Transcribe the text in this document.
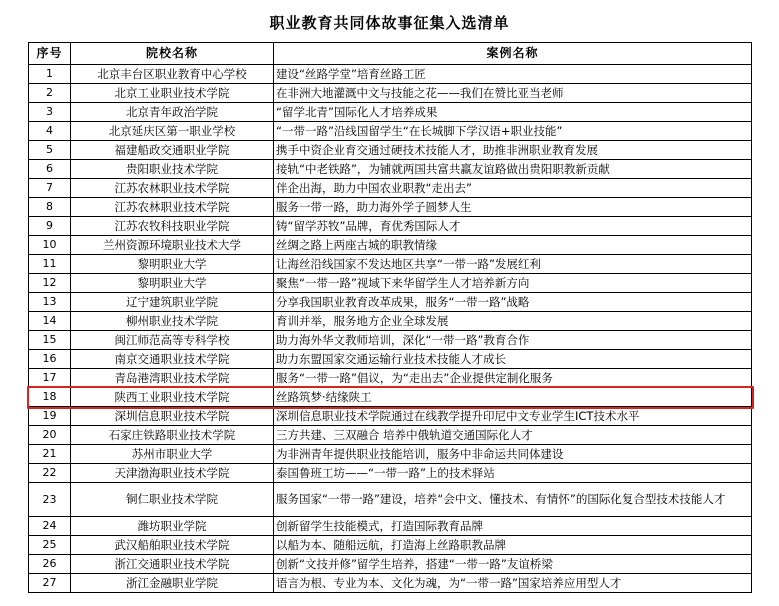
职业教育共同体故事征集入选清单
序号	院校名称	案例名称
1	北京丰台区职业教育中心学校	建设“丝路学堂”培育丝路工匠
2	北京工业职业技术学院	在非洲大地灌溉中文与技能之花——我们在赞比亚当老师
3	北京青年政治学院	“留学北青”国际化人才培养成果
4	北京延庆区第一职业学校	“一带一路”沿线国留学生“在长城脚下学汉语+职业技能”
5	福建船政交通职业学院	携手中资企业育交通过硬技术技能人才，助推非洲职业教育发展
6	贵阳职业技术学院	接轨“中老铁路”，为铺就两国共富共赢友谊路做出贵阳职教新贡献
7	江苏农林职业技术学院	伴企出海，助力中国农业职教“走出去”
8	江苏农林职业技术学院	服务一带一路，助力海外学子圆梦人生
9	江苏农牧科技职业学院	铸“留学苏牧”品牌，育优秀国际人才
10	兰州资源环境职业技术大学	丝绸之路上两座古城的职教情缘
11	黎明职业大学	让海丝沿线国家不发达地区共享“一带一路”发展红利
12	黎明职业大学	聚焦“一带一路”视域下来华留学生人才培养新方向
13	辽宁建筑职业学院	分享我国职业教育改革成果，服务“一带一路”战略
14	柳州职业技术学院	育训并举，服务地方企业全球发展
15	闽江师范高等专科学校	助力海外华文教师培训，深化“一带一路”教育合作
16	南京交通职业技术学院	助力东盟国家交通运输行业技术技能人才成长
17	青岛港湾职业技术学院	服务“一带一路”倡议，为“走出去”企业提供定制化服务
18	陕西工业职业技术学院	丝路筑梦·结缘陕工
19	深圳信息职业技术学院	深圳信息职业技术学院通过在线教学提升印尼中文专业学生ICT技术水平
20	石家庄铁路职业技术学院	三方共建、三双融合 培养中俄轨道交通国际化人才
21	苏州市职业大学	为非洲青年提供职业技能培训，服务中非命运共同体建设
22	天津渤海职业技术学院	泰国鲁班工坊——“一带一路”上的技术驿站
23	铜仁职业技术学院	服务国家“一带一路”建设，培养“会中文、懂技术、有情怀”的国际化复合型技术技能人才
24	潍坊职业学院	创新留学生技能模式，打造国际教育品牌
25	武汉船舶职业技术学院	以船为本、随船远航，打造海上丝路职教品牌
26	浙江交通职业技术学院	创新“文技并修”留学生培养，搭建“一带一路”友谊桥梁
27	浙江金融职业学院	语言为根、专业为本、文化为魂，为“一带一路”国家培养应用型人才
